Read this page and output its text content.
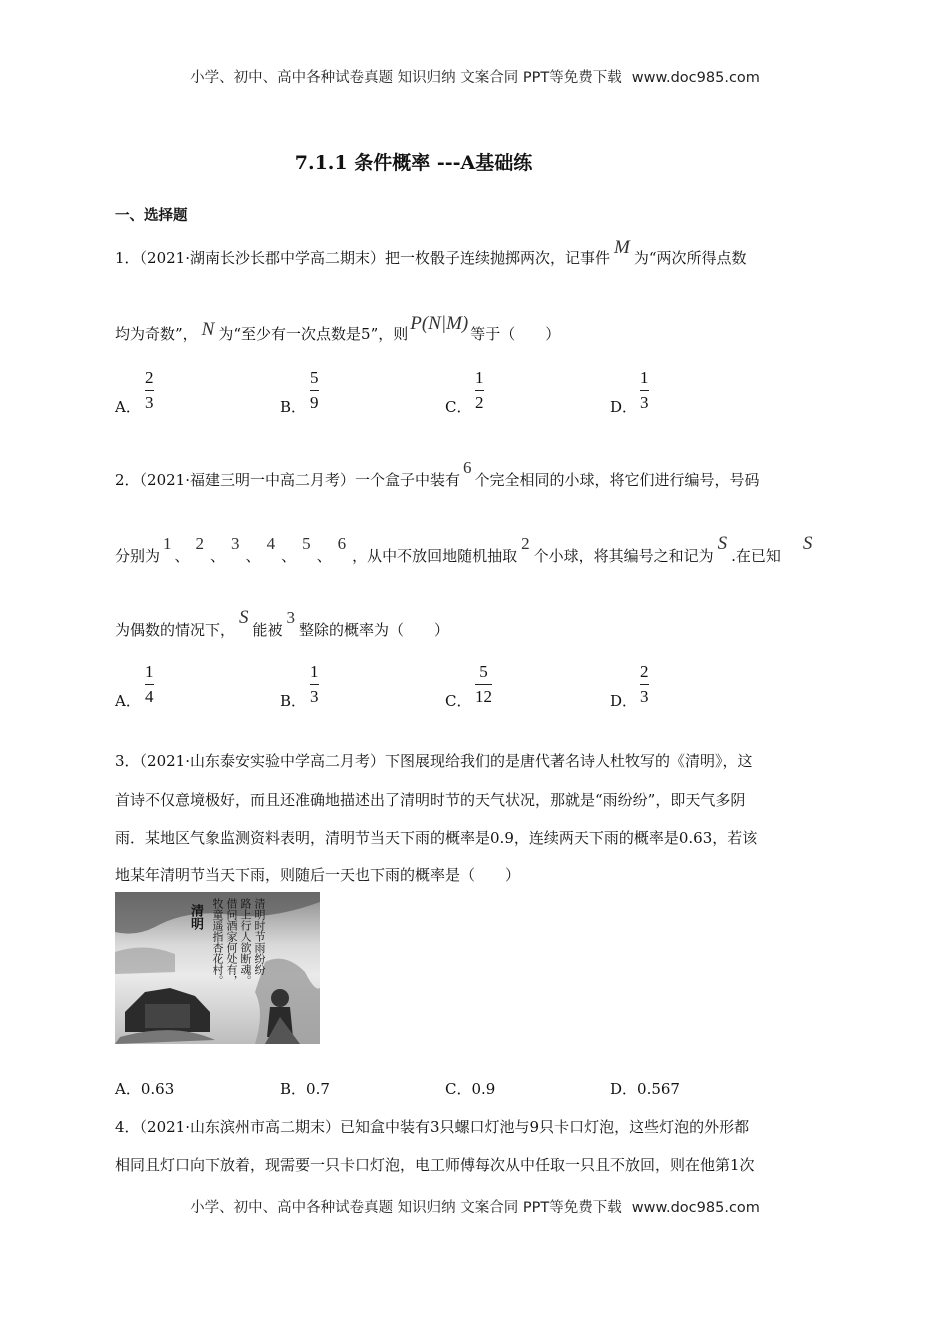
小学、初中、高中各种试卷真题 知识归纳 文案合同 PPT等免费下载 www.doc985.com
7.1.1 条件概率 ---A基础练
一、选择题
1．（2021·湖南长沙长郡中学高二期末）把一枚骰子连续抛掷两次，记事件 M 为“两次所得点数
均为奇数”， N 为“至少有一次点数是5”，则 P(N|M) 等于（　　）
A．
2
3	B．
5
9	C．
1
2	D．
1
3
2．（2021·福建三明一中高二月考）一个盒子中装有6个完全相同的小球，将它们进行编号，号码
分别为1、2、3、4、5、6，从中不放回地随机抽取2个小球，将其编号之和记为S.在已知S
为偶数的情况下，S能被3整除的概率为（　　）
A．
1
4	B．
1
3	C．
5
12	D．
2
3
3．（2021·山东泰安实验中学高二月考）下图展现给我们的是唐代著名诗人杜牧写的《清明》，这
首诗不仅意境极好，而且还准确地描述出了清明时节的天气状况，那就是“雨纷纷”，即天气多阴
雨．某地区气象监测资料表明，清明节当天下雨的概率是0.9，连续两天下雨的概率是0.63，若该
地某年清明节当天下雨，则随后一天也下雨的概率是（　　）
清明	清明时节雨纷纷
路上行人欲断魂。
借问酒家何处有，
牧童遥指杏花村。
A．0.63	B．0.7	C．0.9	D．0.567
4．（2021·山东滨州市高二期末）已知盒中装有3只螺口灯池与9只卡口灯泡，这些灯泡的外形都
相同且灯口向下放着，现需要一只卡口灯泡，电工师傅每次从中任取一只且不放回，则在他第1次
小学、初中、高中各种试卷真题 知识归纳 文案合同 PPT等免费下载 www.doc985.com
